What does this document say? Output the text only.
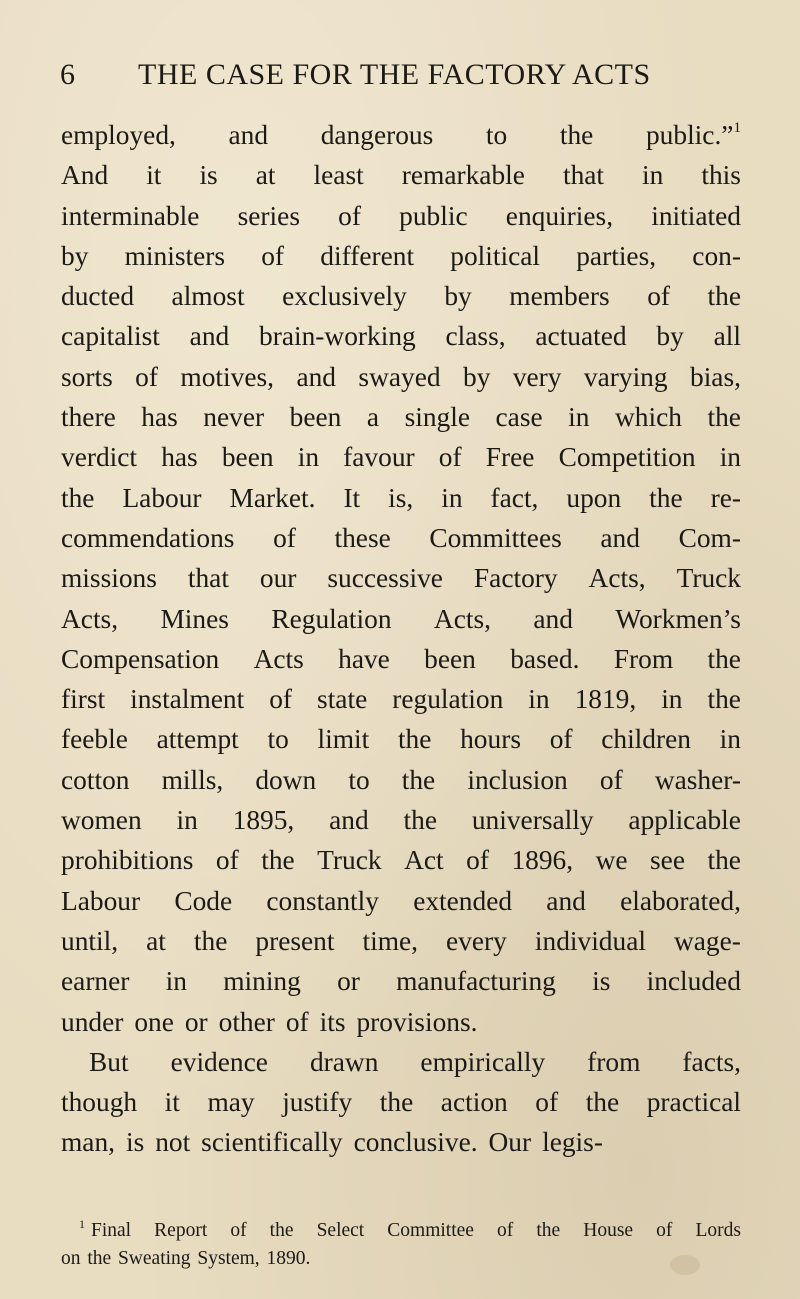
6 THE CASE FOR THE FACTORY ACTS
employed, and dangerous to the public.”$^1$
And it is at least remarkable that in this
interminable series of public enquiries, initiated
by ministers of different political parties, con-
ducted almost exclusively by members of the
capitalist and brain-working class, actuated by all
sorts of motives, and swayed by very varying bias,
there has never been a single case in which the
verdict has been in favour of Free Competition in
the Labour Market. It is, in fact, upon the re-
commendations of these Committees and Com-
missions that our successive Factory Acts, Truck
Acts, Mines Regulation Acts, and Workmen’s
Compensation Acts have been based. From the
first instalment of state regulation in 1819, in the
feeble attempt to limit the hours of children in
cotton mills, down to the inclusion of washer-
women in 1895, and the universally applicable
prohibitions of the Truck Act of 1896, we see the
Labour Code constantly extended and elaborated,
until, at the present time, every individual wage-
earner in mining or manufacturing is included
under one or other of its provisions.
But evidence drawn empirically from facts,
though it may justify the action of the practical
man, is not scientifically conclusive. Our legis-
$^1$ Final Report of the Select Committee of the House of Lords
on the Sweating System, 1890.
